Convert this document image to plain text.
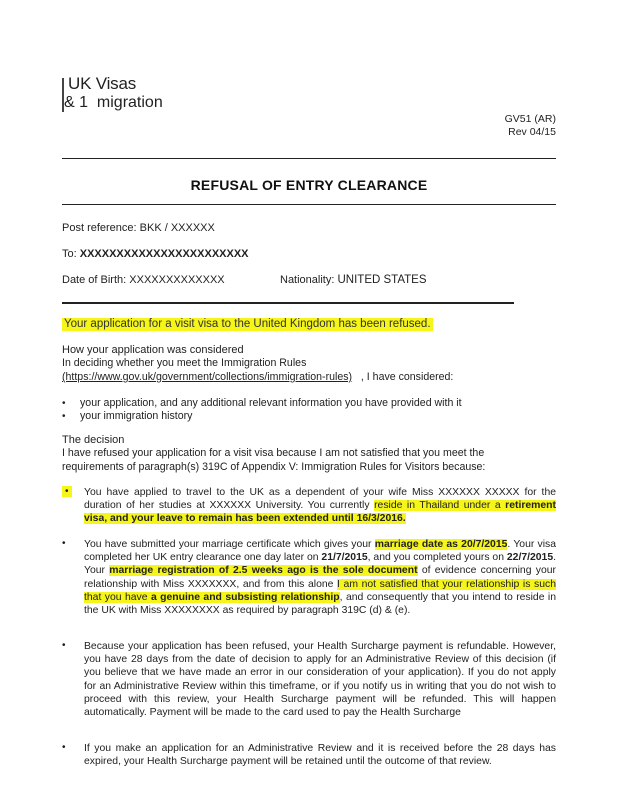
UK Visas
& 1  migration
GV51 (AR)
Rev 04/15
REFUSAL OF ENTRY CLEARANCE
Post reference: BKK / XXXXXX
To: XXXXXXXXXXXXXXXXXXXXXXX
Date of Birth: XXXXXXXXXXXXX	Nationality: UNITED STATES
Your application for a visit visa to the United Kingdom has been refused.
How your application was considered
In deciding whether you meet the Immigration Rules
(https://www.gov.uk/government/collections/immigration-rules) , I have considered:
• your application, and any additional relevant information you have provided with it
• your immigration history
The decision
I have refused your application for a visit visa because I am not satisfied that you meet the
requirements of paragraph(s) 319C of Appendix V: Immigration Rules for Visitors because:
• You have applied to travel to the UK as a dependent of your wife Miss XXXXXX XXXXX for the duration of her studies at XXXXXX University. You currently reside in Thailand under a retirement visa, and your leave to remain has been extended until 16/3/2016.
• You have submitted your marriage certificate which gives your marriage date as 20/7/2015. Your visa completed her UK entry clearance one day later on 21/7/2015, and you completed yours on 22/7/2015. Your marriage registration of 2.5 weeks ago is the sole document of evidence concerning your relationship with Miss XXXXXXX, and from this alone I am not satisfied that your relationship is such that you have a genuine and subsisting relationship, and consequently that you intend to reside in the UK with Miss XXXXXXXX as required by paragraph 319C (d) & (e).
• Because your application has been refused, your Health Surcharge payment is refundable. However, you have 28 days from the date of decision to apply for an Administrative Review of this decision (if you believe that we have made an error in our consideration of your application). If you do not apply for an Administrative Review within this timeframe, or if you notify us in writing that you do not wish to proceed with this review, your Health Surcharge payment will be refunded. This will happen automatically. Payment will be made to the card used to pay the Health Surcharge
• If you make an application for an Administrative Review and it is received before the 28 days has expired, your Health Surcharge payment will be retained until the outcome of that review.
